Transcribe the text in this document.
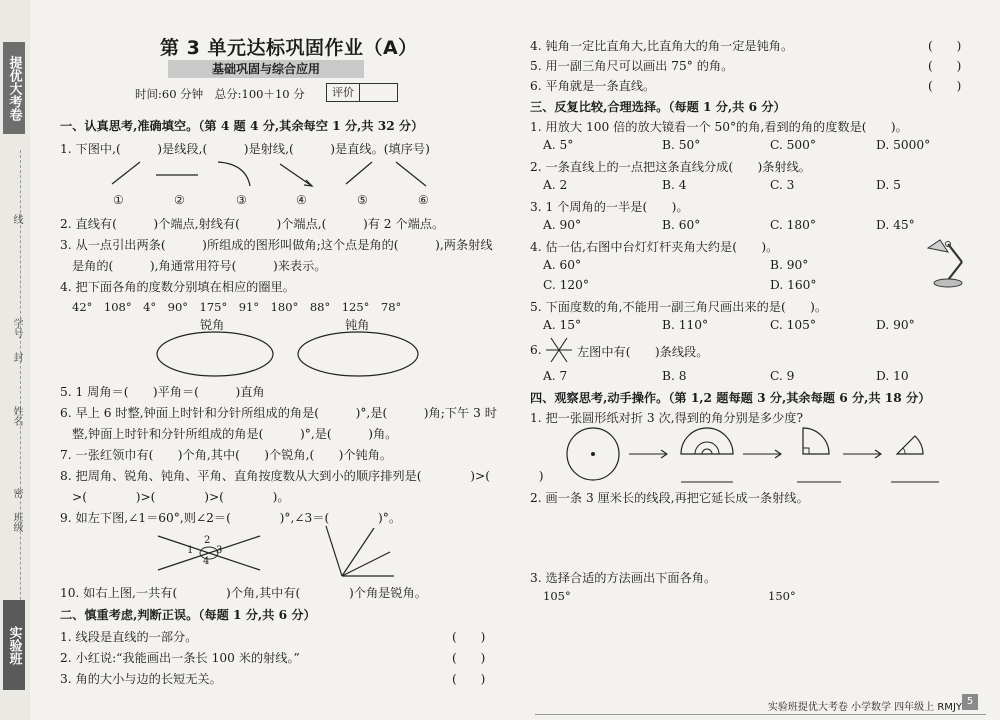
提优大考卷
线
学号
封
姓名
密
班级
实验班
第 3 单元达标巩固作业（A）
基础巩固与综合应用
时间:60 分钟　总分:100＋10 分	评价
一、认真思考,准确填空。（第 4 题 4 分,其余每空 1 分,共 32 分）
1. 下图中,(　　　)是线段,(　　　)是射线,(　　　)是直线。(填序号)
①	②	③	④	⑤	⑥
2. 直线有(　　　)个端点,射线有(　　　)个端点,(　　　)有 2 个端点。
3. 从一点引出两条(　　　)所组成的图形叫做角;这个点是角的(　　　),两条射线
是角的(　　　),角通常用符号(　　　)来表示。
4. 把下面各角的度数分别填在相应的圈里。
42°　108°　4°　90°　175°　91°　180°　88°　125°　78°
锐角	钝角
5. 1 周角＝(　　)平角＝(　　　)直角
6. 早上 6 时整,钟面上时针和分针所组成的角是(　　　)°,是(　　　)角;下午 3 时
整,钟面上时针和分针所组成的角是(　　　)°,是(　　　)角。
7. 一张红领巾有(　　)个角,其中(　　)个锐角,(　　)个钝角。
8. 把周角、锐角、钝角、平角、直角按度数从大到小的顺序排列是(　　　　)>(　　　　)
>(　　　　)>(　　　　)>(　　　　)。
9. 如左下图,∠1＝60°,则∠2＝(　　　　)°,∠3＝(　　　　)°。
1
2
3
4
10. 如右上图,一共有(　　　　)个角,其中有(　　　　)个角是锐角。
二、慎重考虑,判断正误。（每题 1 分,共 6 分）
1. 线段是直线的一部分。	(　　)
2. 小红说:“我能画出一条长 100 米的射线。”	(　　)
3. 角的大小与边的长短无关。	(　　)
4. 钝角一定比直角大,比直角大的角一定是钝角。	(　　)
5. 用一副三角尺可以画出 75° 的角。	(　　)
6. 平角就是一条直线。	(　　)
三、反复比较,合理选择。（每题 1 分,共 6 分）
1. 用放大 100 倍的放大镜看一个 50°的角,看到的角的度数是(　　)。
A. 5°	B. 50°	C. 500°	D. 5000°
2. 一条直线上的一点把这条直线分成(　　)条射线。
A. 2	B. 4	C. 3	D. 5
3. 1 个周角的一半是(　　)。
A. 90°	B. 60°	C. 180°	D. 45°
4. 估一估,右图中台灯灯杆夹角大约是(　　)。
A. 60°	B. 90°
C. 120°	D. 160°
5. 下面度数的角,不能用一副三角尺画出来的是(　　)。
A. 15°	B. 110°	C. 105°	D. 90°
6.	左图中有(　　)条线段。
A. 7	B. 8	C. 9	D. 10
四、观察思考,动手操作。（第 1,2 题每题 3 分,其余每题 6 分,共 18 分）
1. 把一张圆形纸对折 3 次,得到的角分别是多少度?
2. 画一条 3 厘米长的线段,再把它延长成一条射线。
3. 选择合适的方法画出下面各角。
105°	150°
实验班提优大考卷 小学数学 四年级上 RMJY
5
